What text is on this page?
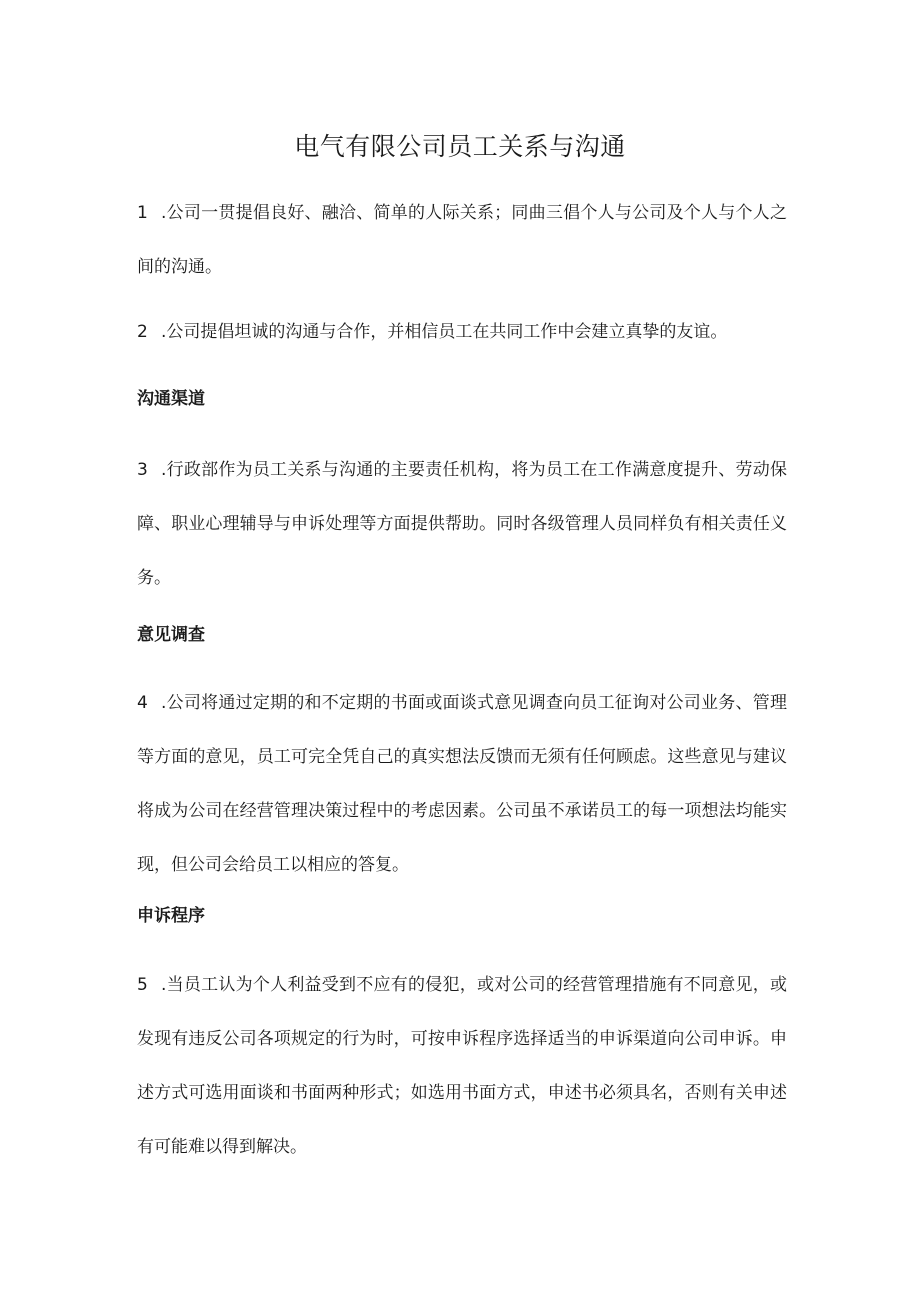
电气有限公司员工关系与沟通

1 .公司一贯提倡良好、融洽、简单的人际关系；同曲三倡个人与公司及个人与个人之间的沟通。

2 .公司提倡坦诚的沟通与合作，并相信员工在共同工作中会建立真挚的友谊。

沟通渠道

3 .行政部作为员工关系与沟通的主要责任机构，将为员工在工作满意度提升、劳动保障、职业心理辅导与申诉处理等方面提供帮助。同时各级管理人员同样负有相关责任义务。

意见调查

4 .公司将通过定期的和不定期的书面或面谈式意见调查向员工征询对公司业务、管理等方面的意见，员工可完全凭自己的真实想法反馈而无须有任何顾虑。这些意见与建议将成为公司在经营管理决策过程中的考虑因素。公司虽不承诺员工的每一项想法均能实现，但公司会给员工以相应的答复。

申诉程序

5 .当员工认为个人利益受到不应有的侵犯，或对公司的经营管理措施有不同意见，或发现有违反公司各项规定的行为时，可按申诉程序选择适当的申诉渠道向公司申诉。申述方式可选用面谈和书面两种形式；如选用书面方式，申述书必须具名，否则有关申述有可能难以得到解决。
